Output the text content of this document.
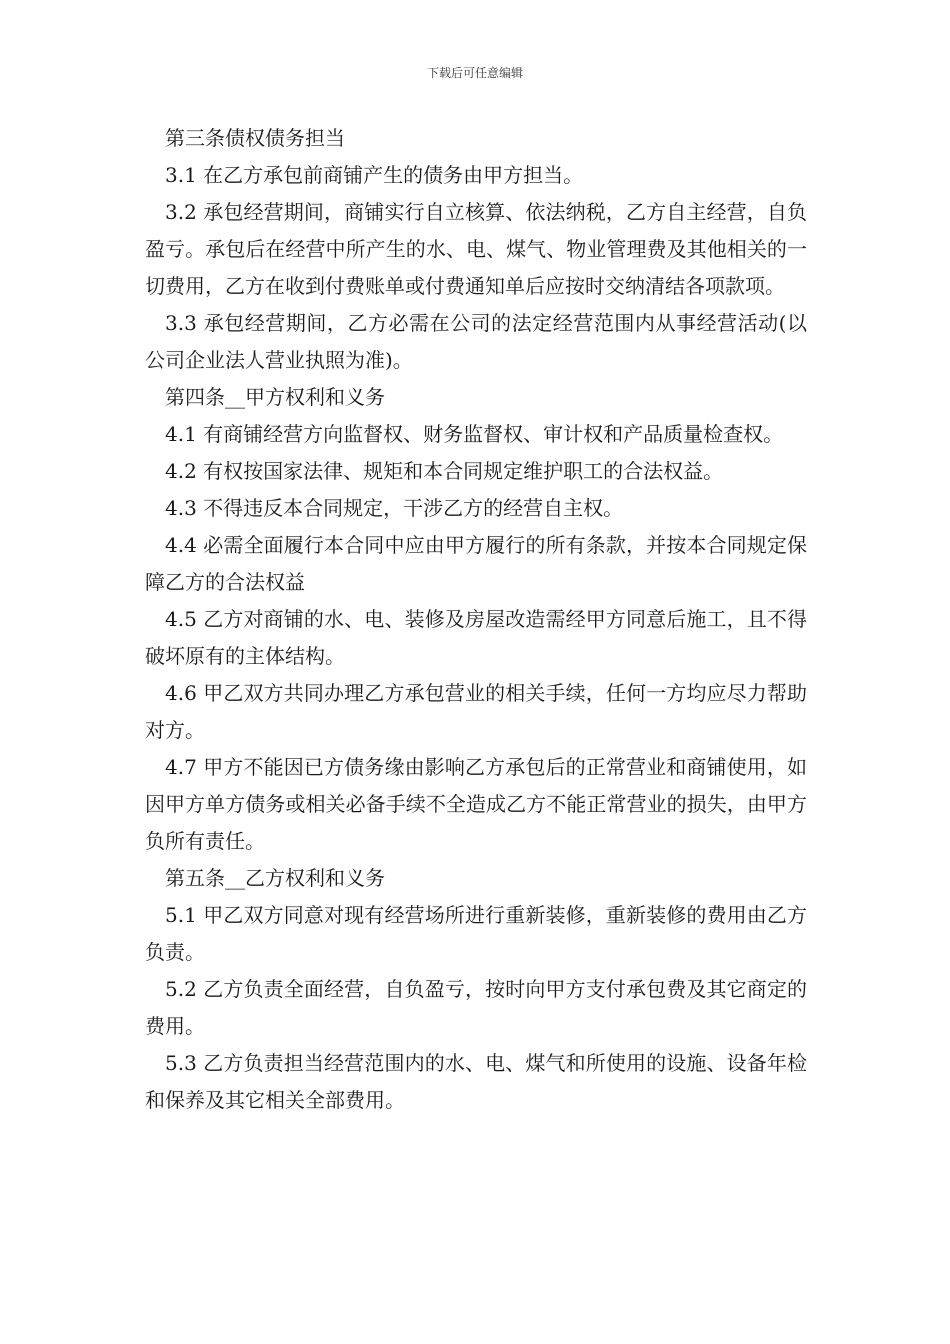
下载后可任意编辑

第三条债权债务担当

3.1 在乙方承包前商铺产生的债务由甲方担当。

3.2 承包经营期间，商铺实行自立核算、依法纳税，乙方自主经营，自负盈亏。承包后在经营中所产生的水、电、煤气、物业管理费及其他相关的一切费用，乙方在收到付费账单或付费通知单后应按时交纳清结各项款项。

3.3 承包经营期间，乙方必需在公司的法定经营范围内从事经营活动(以公司企业法人营业执照为准)。

第四条__甲方权利和义务

4.1 有商铺经营方向监督权、财务监督权、审计权和产品质量检查权。

4.2 有权按国家法律、规矩和本合同规定维护职工的合法权益。

4.3 不得违反本合同规定，干涉乙方的经营自主权。

4.4 必需全面履行本合同中应由甲方履行的所有条款，并按本合同规定保障乙方的合法权益

4.5 乙方对商铺的水、电、装修及房屋改造需经甲方同意后施工，且不得破坏原有的主体结构。

4.6 甲乙双方共同办理乙方承包营业的相关手续，任何一方均应尽力帮助对方。

4.7 甲方不能因已方债务缘由影响乙方承包后的正常营业和商铺使用，如因甲方单方债务或相关必备手续不全造成乙方不能正常营业的损失，由甲方负所有责任。

第五条__乙方权利和义务

5.1 甲乙双方同意对现有经营场所进行重新装修，重新装修的费用由乙方负责。

5.2 乙方负责全面经营，自负盈亏，按时向甲方支付承包费及其它商定的费用。

5.3 乙方负责担当经营范围内的水、电、煤气和所使用的设施、设备年检和保养及其它相关全部费用。
